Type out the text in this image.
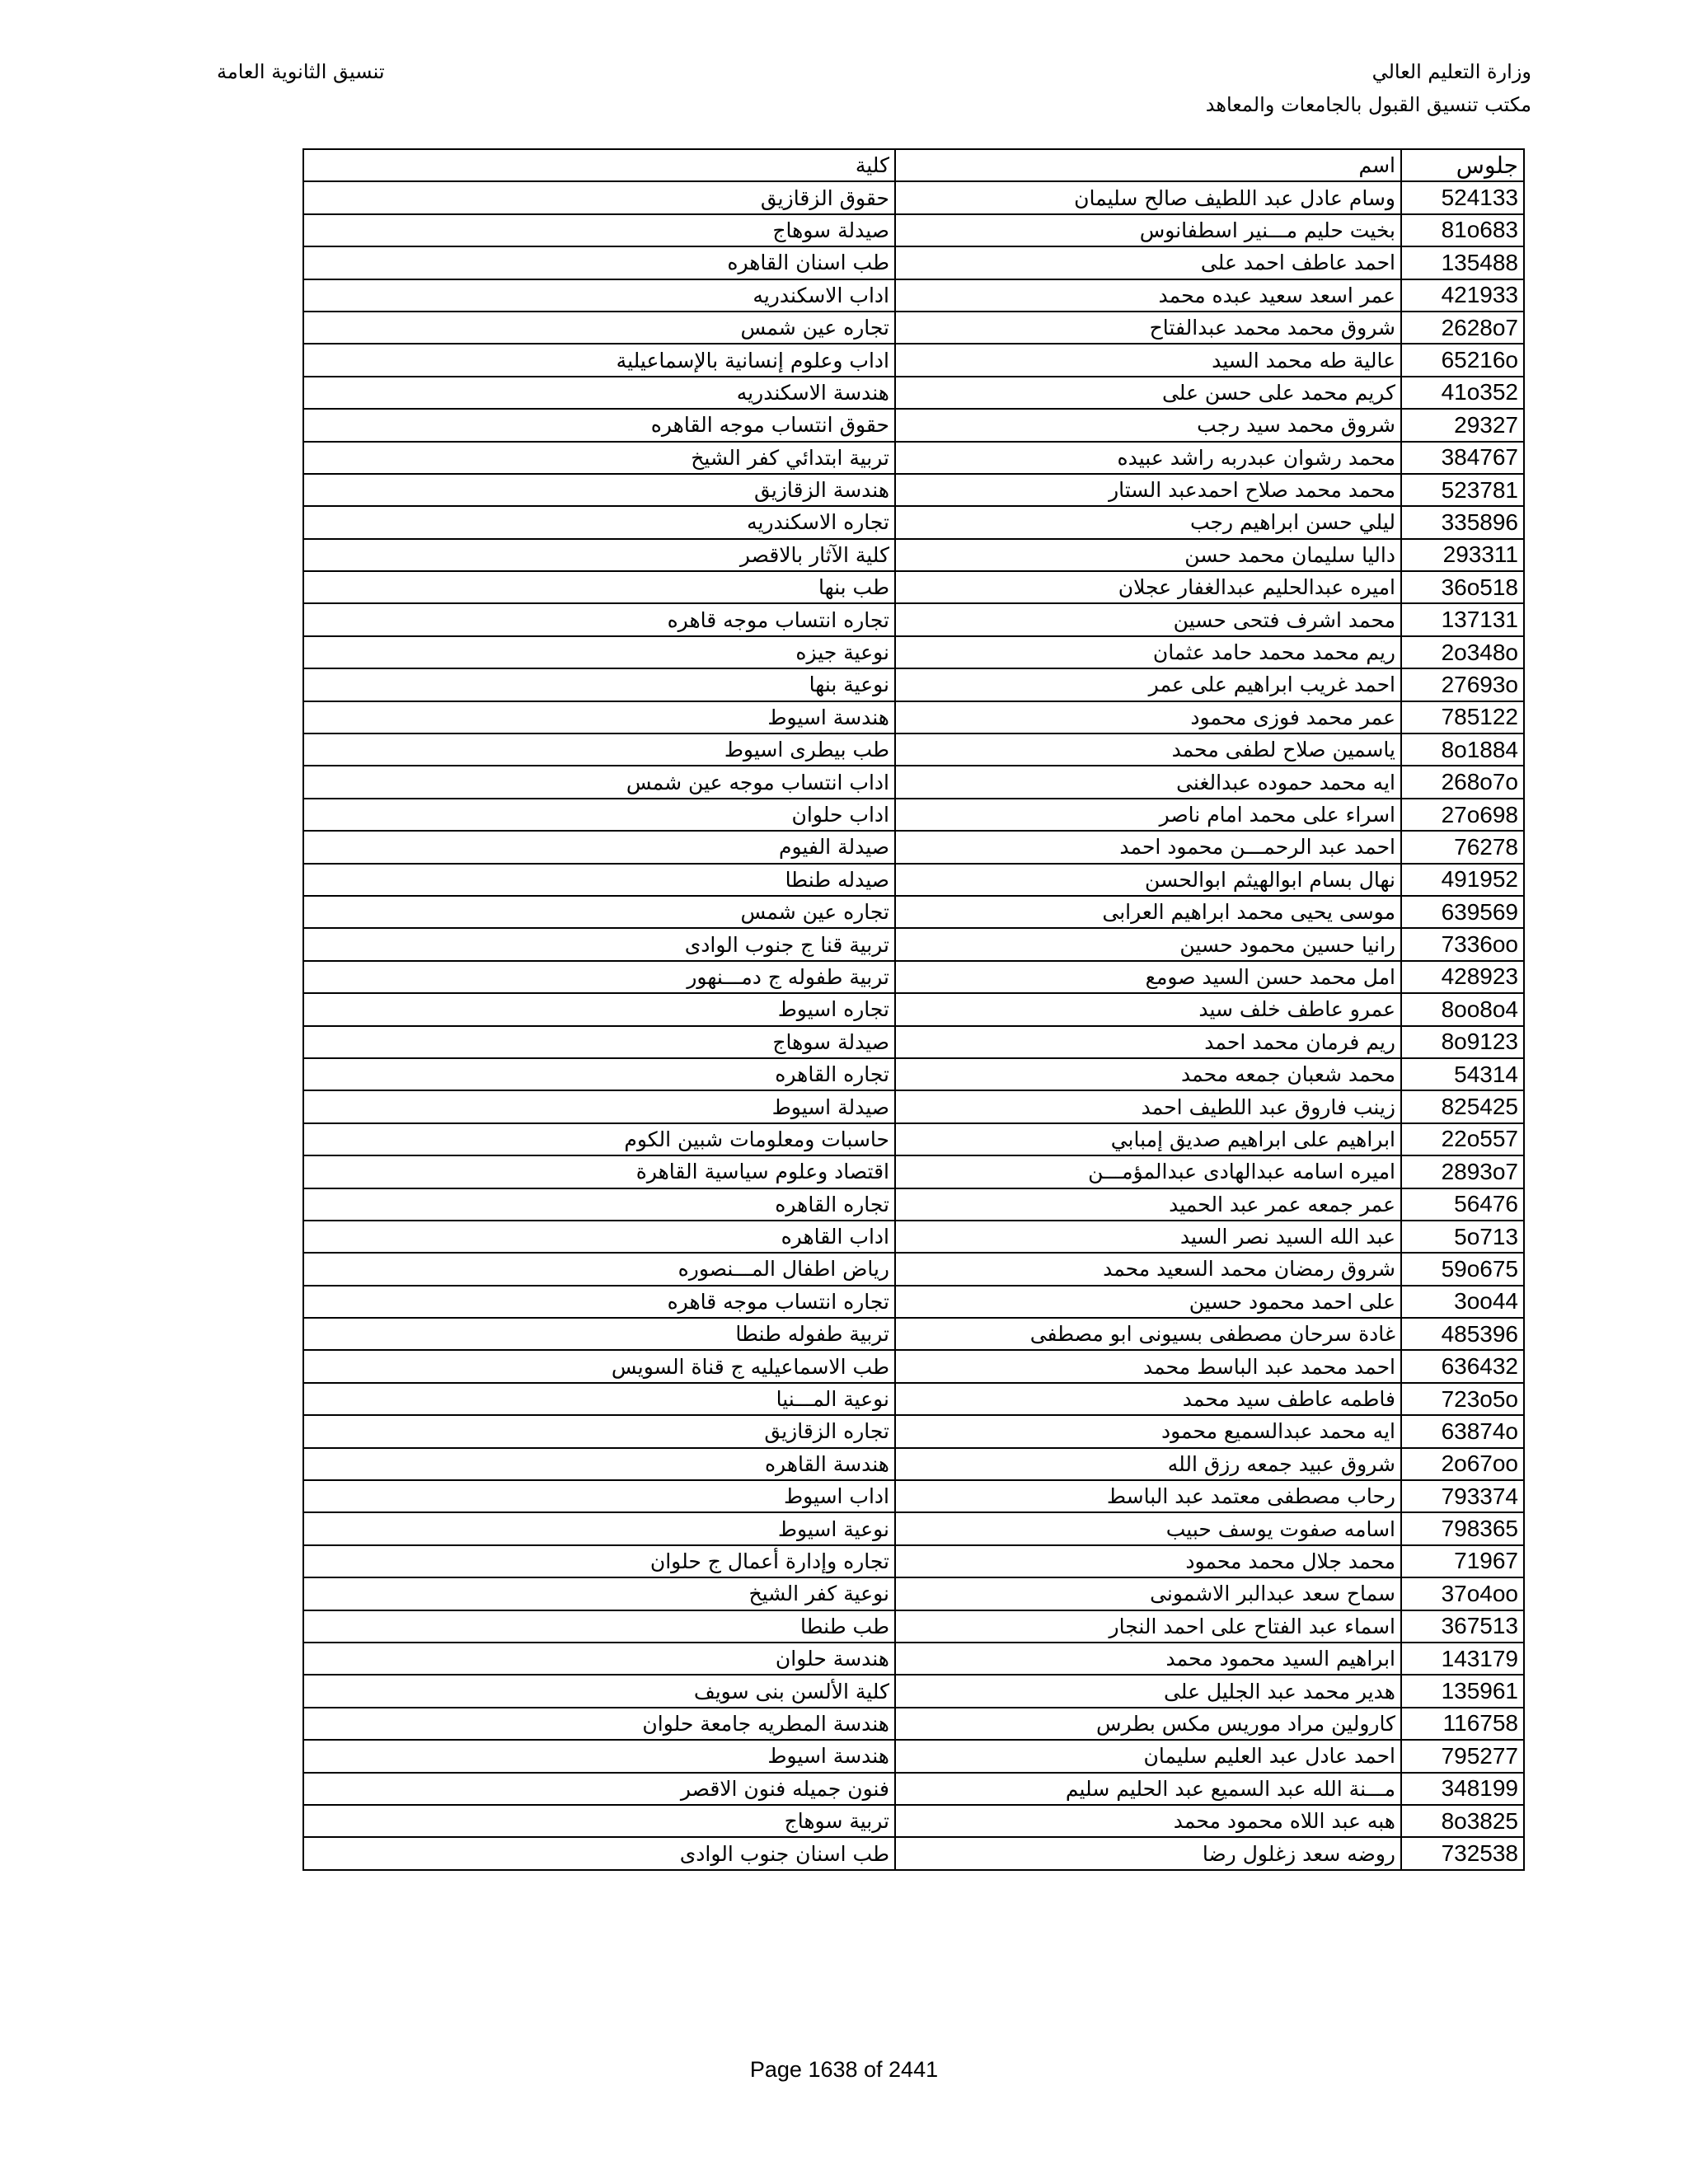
وزارة التعليم العالي
مكتب تنسيق القبول بالجامعات والمعاهد
تنسيق الثانوية العامة
جلوس	اسم	كلية
524133	وسام عادل عبد اللطيف صالح سليمان	حقوق الزقازيق
81o683	بخيت حليم مـــنير اسطفانوس	صيدلة سوهاج
135488	احمد عاطف احمد على	طب اسنان القاهره
421933	عمر اسعد سعيد عبده محمد	اداب الاسكندريه
2628o7	شروق محمد محمد عبدالفتاح	تجاره عين شمس
65216o	عالية طه محمد السيد	اداب وعلوم إنسانية بالإسماعيلية
41o352	كريم محمد على حسن على	هندسة الاسكندريه
29327	شروق محمد سيد رجب	حقوق انتساب موجه القاهره
384767	محمد رشوان عبدربه راشد عبيده	تربية ابتدائي كفر الشيخ
523781	محمد محمد صلاح احمدعبد الستار	هندسة الزقازيق
335896	ليلي حسن ابراهيم رجب	تجاره الاسكندريه
293311	داليا سليمان محمد حسن	كلية الآثار بالاقصر
36o518	اميره عبدالحليم عبدالغفار عجلان	طب بنها
137131	محمد اشرف فتحى حسين	تجاره انتساب موجه قاهره
2o348o	ريم محمد محمد حامد عثمان	نوعية جيزه
27693o	احمد غريب ابراهيم على عمر	نوعية بنها
785122	عمر محمد فوزى محمود	هندسة اسيوط
8o1884	ياسمين صلاح لطفى محمد	طب بيطرى اسيوط
268o7o	ايه محمد حموده عبدالغنى	اداب انتساب موجه عين شمس
27o698	اسراء على محمد امام ناصر	اداب حلوان
76278	احمد عبد الرحمـــن محمود احمد	صيدلة الفيوم
491952	نهال بسام ابوالهيثم ابوالحسن	صيدله طنطا
639569	موسى يحيى محمد ابراهيم العرابى	تجاره عين شمس
7336oo	رانيا حسين محمود حسين	تربية قنا ج جنوب الوادى
428923	امل محمد حسن السيد صومع	تربية طفوله ج دمـــنهور
8oo8o4	عمرو عاطف خلف سيد	تجاره اسيوط
8o9123	ريم فرمان محمد احمد	صيدلة سوهاج
54314	محمد شعبان جمعه محمد	تجاره القاهره
825425	زينب فاروق عبد اللطيف احمد	صيدلة اسيوط
22o557	ابراهيم على ابراهيم صديق إمبابي	حاسبات ومعلومات شبين الكوم
2893o7	اميره اسامه عبدالهادى عبدالمؤمـــن	اقتصاد وعلوم سياسية القاهرة
56476	عمر جمعه عمر عبد الحميد	تجاره القاهره
5o713	عبد الله السيد نصر السيد	اداب القاهره
59o675	شروق رمضان محمد السعيد محمد	رياض اطفال المـــنصوره
3oo44	على احمد محمود حسين	تجاره انتساب موجه قاهره
485396	غادة سرحان مصطفى بسيونى ابو مصطفى	تربية طفوله طنطا
636432	احمد محمد عبد الباسط محمد	طب الاسماعيليه ج قناة السويس
723o5o	فاطمه عاطف سيد محمد	نوعية المـــنيا
63874o	ايه محمد عبدالسميع محمود	تجاره الزقازيق
2o67oo	شروق عبيد جمعه رزق الله	هندسة القاهره
793374	رحاب مصطفى معتمد عبد الباسط	اداب اسيوط
798365	اسامه صفوت يوسف حبيب	نوعية اسيوط
71967	محمد جلال محمد محمود	تجاره وإدارة أعمال ج حلوان
37o4oo	سماح سعد عبدالبر الاشمونى	نوعية كفر الشيخ
367513	اسماء عبد الفتاح على احمد النجار	طب طنطا
143179	ابراهيم السيد محمود محمد	هندسة حلوان
135961	هدير محمد عبد الجليل على	كلية الألسن بنى سويف
116758	كارولين مراد موريس مكس بطرس	هندسة المطريه جامعة حلوان
795277	احمد عادل عبد العليم سليمان	هندسة اسيوط
348199	مـــنة الله عبد السميع عبد الحليم سليم	فنون جميله فنون الاقصر
8o3825	هبه عبد اللاه محمود محمد	تربية سوهاج
732538	روضه سعد زغلول رضا	طب اسنان جنوب الوادى
Page 1638 of 2441
